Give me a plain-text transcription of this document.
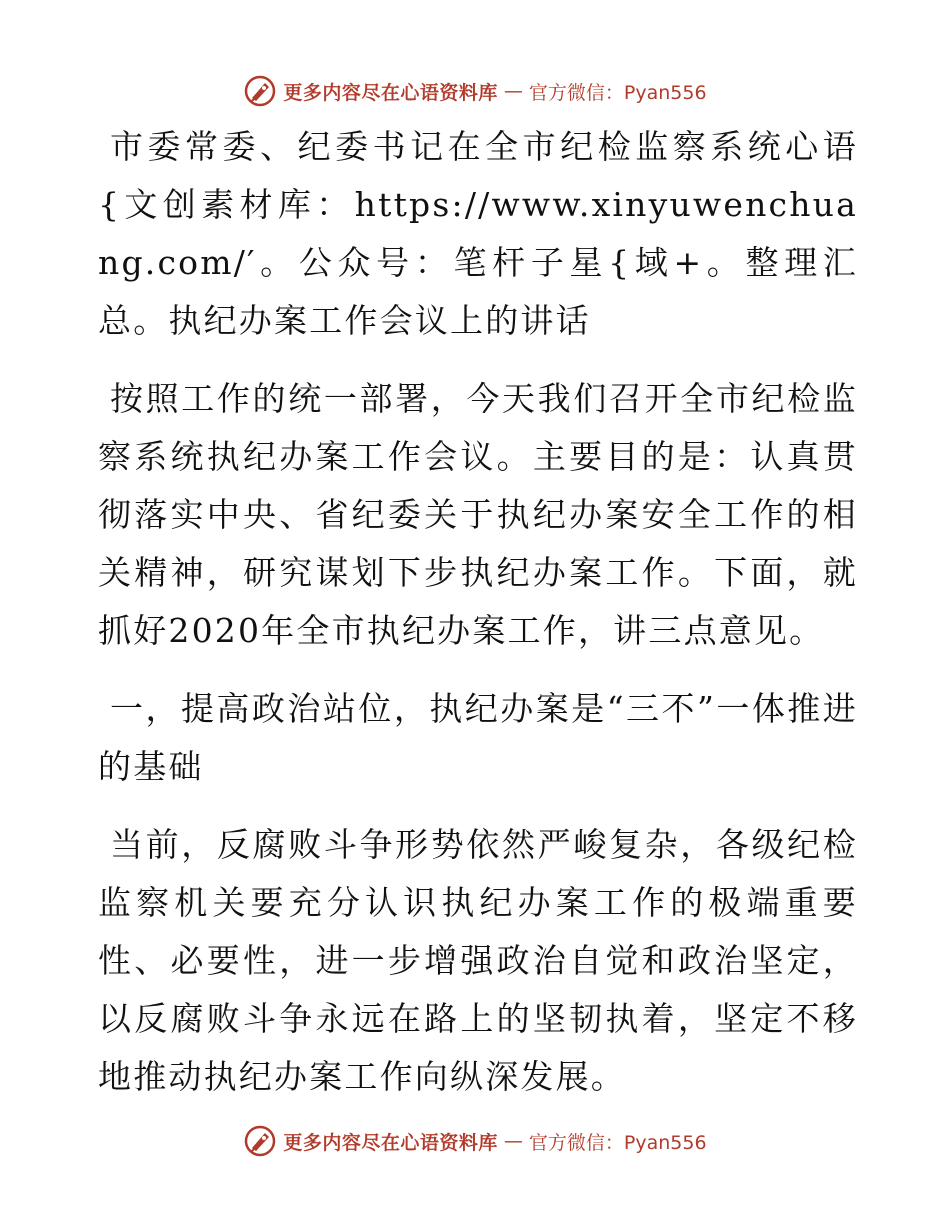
更多内容尽在心语资料库 — 官方微信：Pyan556

市委常委、纪委书记在全市纪检监察系统心语{文创素材库：https://www.xinyuwenchuang.com/′。公众号：笔杆子星{域+。整理汇总。执纪办案工作会议上的讲话

按照工作的统一部署，今天我们召开全市纪检监察系统执纪办案工作会议。主要目的是：认真贯彻落实中央、省纪委关于执纪办案安全工作的相关精神，研究谋划下步执纪办案工作。下面，就抓好2020年全市执纪办案工作，讲三点意见。

一，提高政治站位，执纪办案是“三不”一体推进的基础

当前，反腐败斗争形势依然严峻复杂，各级纪检监察机关要充分认识执纪办案工作的极端重要性、必要性，进一步增强政治自觉和政治坚定，以反腐败斗争永远在路上的坚韧执着，坚定不移地推动执纪办案工作向纵深发展。

更多内容尽在心语资料库 — 官方微信：Pyan556
